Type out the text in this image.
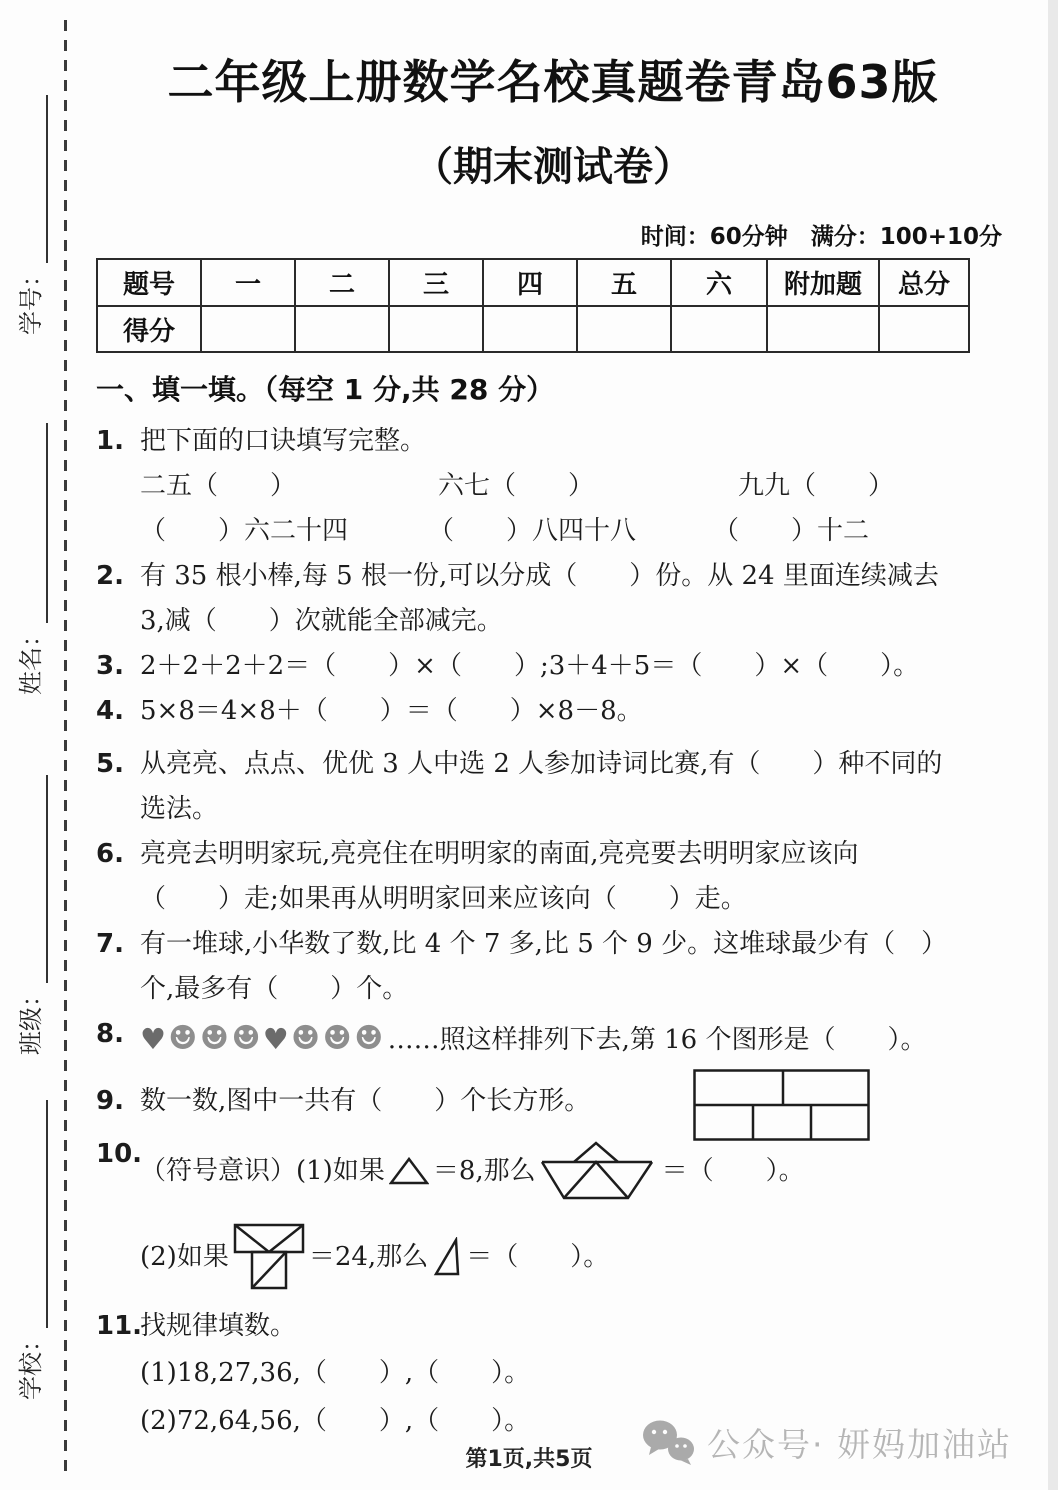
学号：
姓名：
班级：
学校：
二年级上册数学名校真题卷青岛63版
（期末测试卷）
时间：60分钟　满分：100+10分
题号	一	二	三	四	五	六	附加题	总分
得分								
一、填一填。（每空 1 分,共 28 分）
1. 把下面的口诀填写完整。
二五（　　）	六七（　　）	九九（　　）
（　　）六二十四	（　　）八四十八	（　　）十二
2. 有 35 根小棒,每 5 根一份,可以分成（　　）份。从 24 里面连续减去
3,减（　　）次就能全部减完。
3. 2＋2＋2＋2＝（　　）×（　　）;3＋4＋5＝（　　）×（　　）。
4. 5×8＝4×8＋（　　）＝（　　）×8－8。
5. 从亮亮、点点、优优 3 人中选 2 人参加诗词比赛,有（　　）种不同的
选法。
6. 亮亮去明明家玩,亮亮住在明明家的南面,亮亮要去明明家应该向
（　　）走;如果再从明明家回来应该向（　　）走。
7. 有一堆球,小华数了数,比 4 个 7 多,比 5 个 9 少。这堆球最少有（　）
个,最多有（　　）个。
8. ♥☻☻☻♥☻☻☻ ……照这样排列下去,第 16 个图形是（　　）。
9. 数一数,图中一共有（　　）个长方形。
10.
（符号意识）(1)如果 ＝8,那么	＝（　　）。
(2)如果	＝24,那么 ＝（　　）。
11.
找规律填数。
(1)18,27,36,（　　）,（　　）。
(2)72,64,56,（　　）,（　　）。
第1页,共5页	公众号· 妍妈加油站
